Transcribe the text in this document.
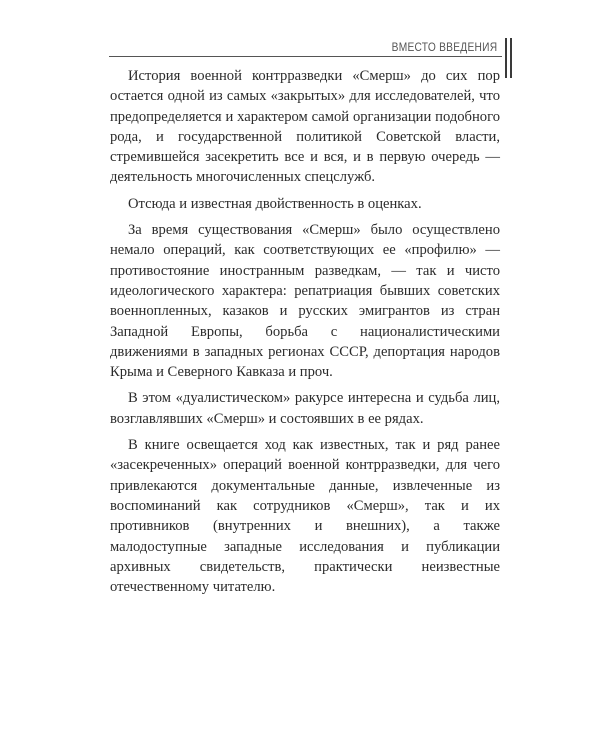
ВМЕСТО ВВЕДЕНИЯ

История военной контрразведки «Смерш» до сих пор остается одной из самых «закрытых» для исследователей, что предопределяется и характером самой организации подобного рода, и государственной политикой Советской власти, стремившейся засекретить все и вся, и в первую очередь — деятельность многочисленных спецслужб.

Отсюда и известная двойственность в оценках.

За время существования «Смерш» было осуществлено немало операций, как соответствующих ее «профилю» — противостояние иностранным разведкам, — так и чисто идеологического характера: репатриация бывших советских военнопленных, казаков и русских эмигрантов из стран Западной Европы, борьба с националистическими движениями в западных регионах СССР, депортация народов Крыма и Северного Кавказа и проч.

В этом «дуалистическом» ракурсе интересна и судьба лиц, возглавлявших «Смерш» и состоявших в ее рядах.

В книге освещается ход как известных, так и ряд ранее «засекреченных» операций военной контрразведки, для чего привлекаются документальные данные, извлеченные из воспоминаний как сотрудников «Смерш», так и их противников (внутренних и внешних), а также малодоступные западные исследования и публикации архивных свидетельств, практически неизвестные отечественному читателю.
